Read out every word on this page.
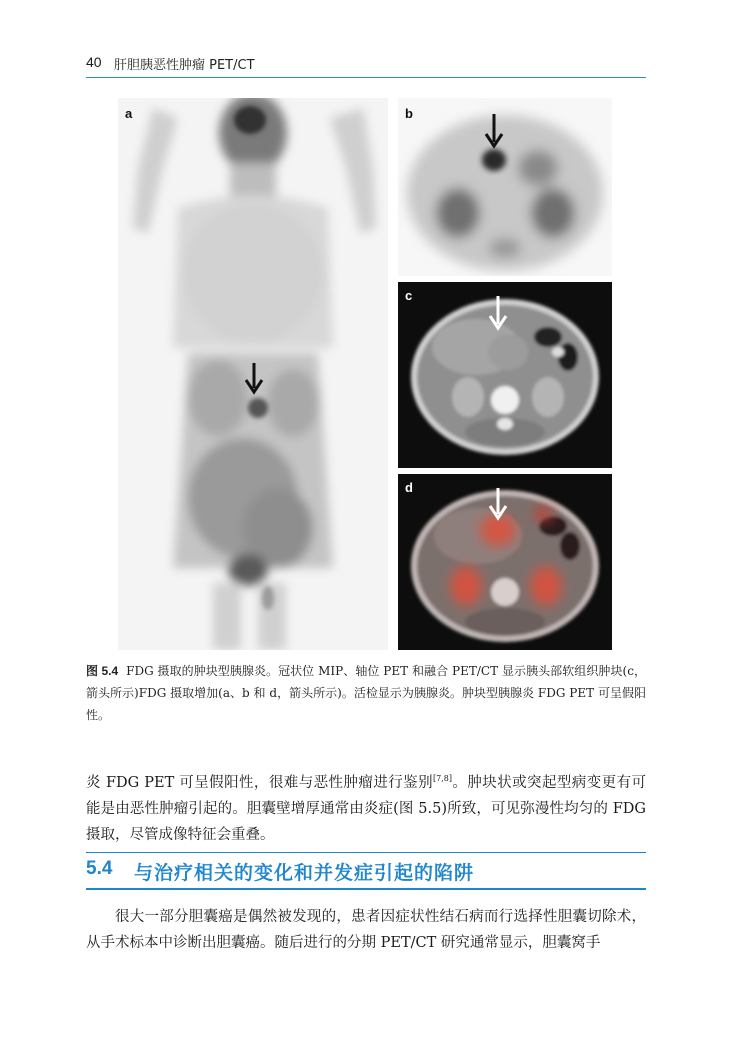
40 肝胆胰恶性肿瘤 PET/CT
a	b
c
d
图 5.4 FDG 摄取的肿块型胰腺炎。冠状位 MIP、轴位 PET 和融合 PET/CT 显示胰头部软组织肿块(c，箭头所示)FDG 摄取增加(a、b 和 d，箭头所示)。活检显示为胰腺炎。肿块型胰腺炎 FDG PET 可呈假阳性。

炎 FDG PET 可呈假阳性，很难与恶性肿瘤进行鉴别[7,8]。肿块状或突起型病变更有可能是由恶性肿瘤引起的。胆囊壁增厚通常由炎症(图 5.5)所致，可见弥漫性均匀的 FDG 摄取，尽管成像特征会重叠。

5.4 与治疗相关的变化和并发症引起的陷阱

很大一部分胆囊癌是偶然被发现的，患者因症状性结石病而行选择性胆囊切除术，从手术标本中诊断出胆囊癌。随后进行的分期 PET/CT 研究通常显示，胆囊窝手
